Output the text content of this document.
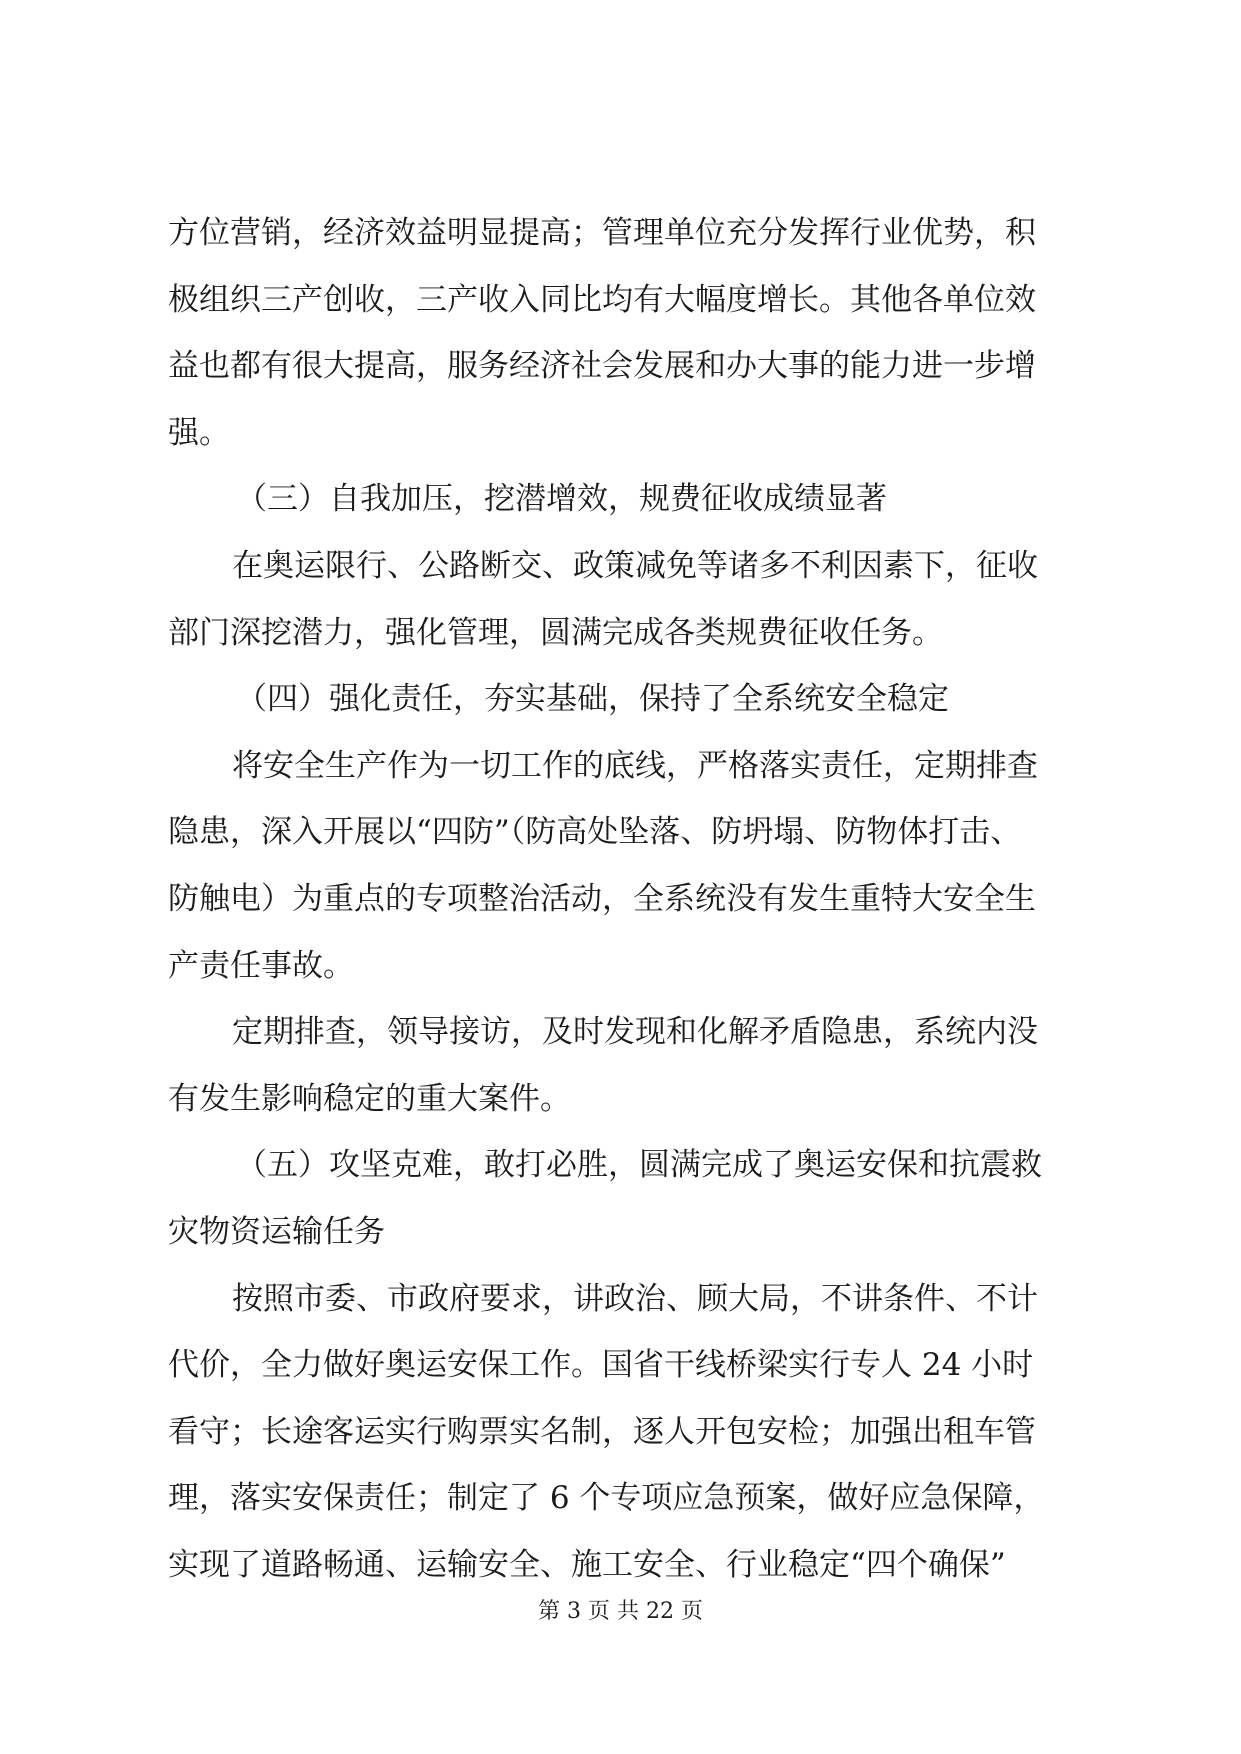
方位营销，经济效益明显提高；管理单位充分发挥行业优势，积
极组织三产创收，三产收入同比均有大幅度增长。其他各单位效
益也都有很大提高，服务经济社会发展和办大事的能力进一步增
强。
（三）自我加压，挖潜增效，规费征收成绩显著
在奥运限行、公路断交、政策减免等诸多不利因素下，征收
部门深挖潜力，强化管理，圆满完成各类规费征收任务。
（四）强化责任，夯实基础，保持了全系统安全稳定
将安全生产作为一切工作的底线，严格落实责任，定期排查
隐患，深入开展以“四防”（防高处坠落、防坍塌、防物体打击、
防触电）为重点的专项整治活动，全系统没有发生重特大安全生
产责任事故。
定期排查，领导接访，及时发现和化解矛盾隐患，系统内没
有发生影响稳定的重大案件。
（五）攻坚克难，敢打必胜，圆满完成了奥运安保和抗震救
灾物资运输任务
按照市委、市政府要求，讲政治、顾大局，不讲条件、不计
代价，全力做好奥运安保工作。国省干线桥梁实行专人 24 小时
看守；长途客运实行购票实名制，逐人开包安检；加强出租车管
理，落实安保责任；制定了 6 个专项应急预案，做好应急保障，
实现了道路畅通、运输安全、施工安全、行业稳定“四个确保”
第 3 页 共 22 页
